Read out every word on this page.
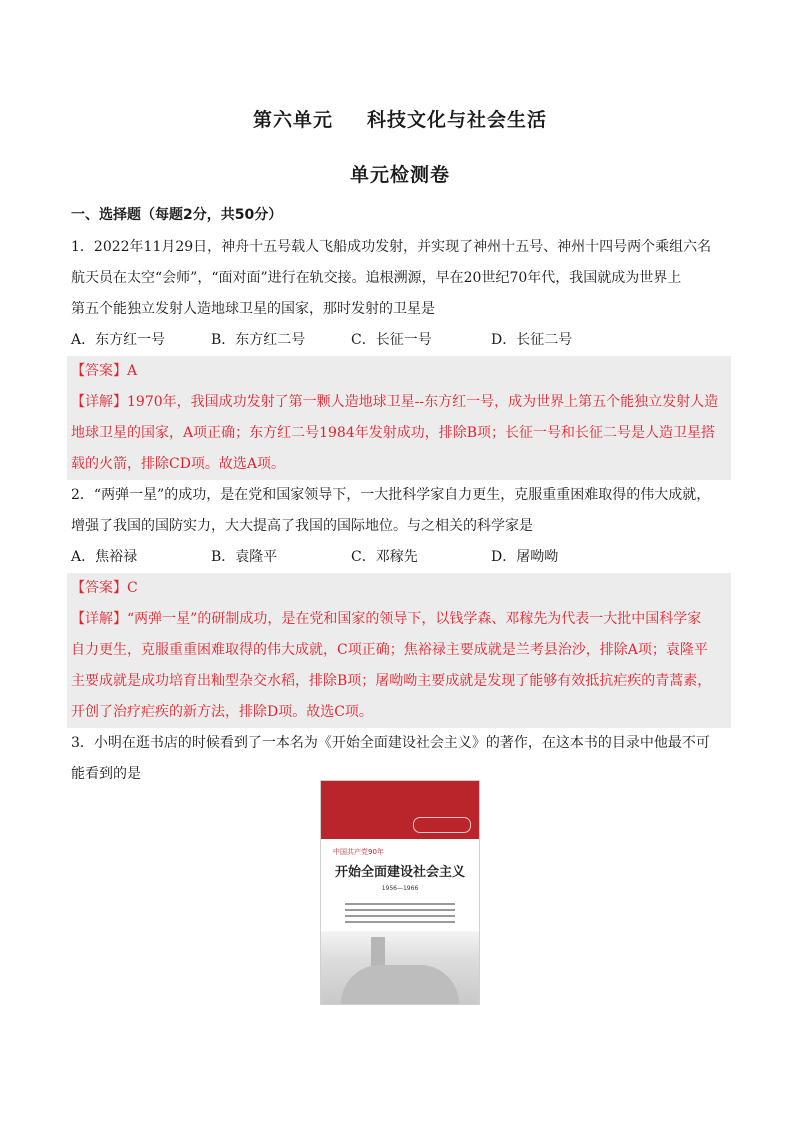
第六单元 科技文化与社会生活
单元检测卷
一、选择题（每题2分，共50分）
1．2022年11月29日，神舟十五号载人飞船成功发射，并实现了神州十五号、神州十四号两个乘组六名
航天员在太空“会师”，“面对面”进行在轨交接。追根溯源，早在20世纪70年代，我国就成为世界上
第五个能独立发射人造地球卫星的国家，那时发射的卫星是
A．东方红一号	B．东方红二号	C．长征一号	D．长征二号
【答案】A
【详解】1970年，我国成功发射了第一颗人造地球卫星--东方红一号，成为世界上第五个能独立发射人造
地球卫星的国家，A项正确；东方红二号1984年发射成功，排除B项；长征一号和长征二号是人造卫星搭
载的火箭，排除CD项。故选A项。
2．“两弹一星”的成功，是在党和国家领导下，一大批科学家自力更生，克服重重困难取得的伟大成就，
增强了我国的国防实力，大大提高了我国的国际地位。与之相关的科学家是
A．焦裕禄	B．袁隆平	C．邓稼先	D．屠呦呦
【答案】C
【详解】“两弹一星”的研制成功，是在党和国家的领导下，以钱学森、邓稼先为代表一大批中国科学家
自力更生，克服重重困难取得的伟大成就，C项正确；焦裕禄主要成就是兰考县治沙，排除A项；袁隆平
主要成就是成功培育出籼型杂交水稻，排除B项；屠呦呦主要成就是发现了能够有效抵抗疟疾的青蒿素，
开创了治疗疟疾的新方法，排除D项。故选C项。
3．小明在逛书店的时候看到了一本名为《开始全面建设社会主义》的著作，在这本书的目录中他最不可
能看到的是
中国共产党90年
开始全面建设社会主义
1956—1966
